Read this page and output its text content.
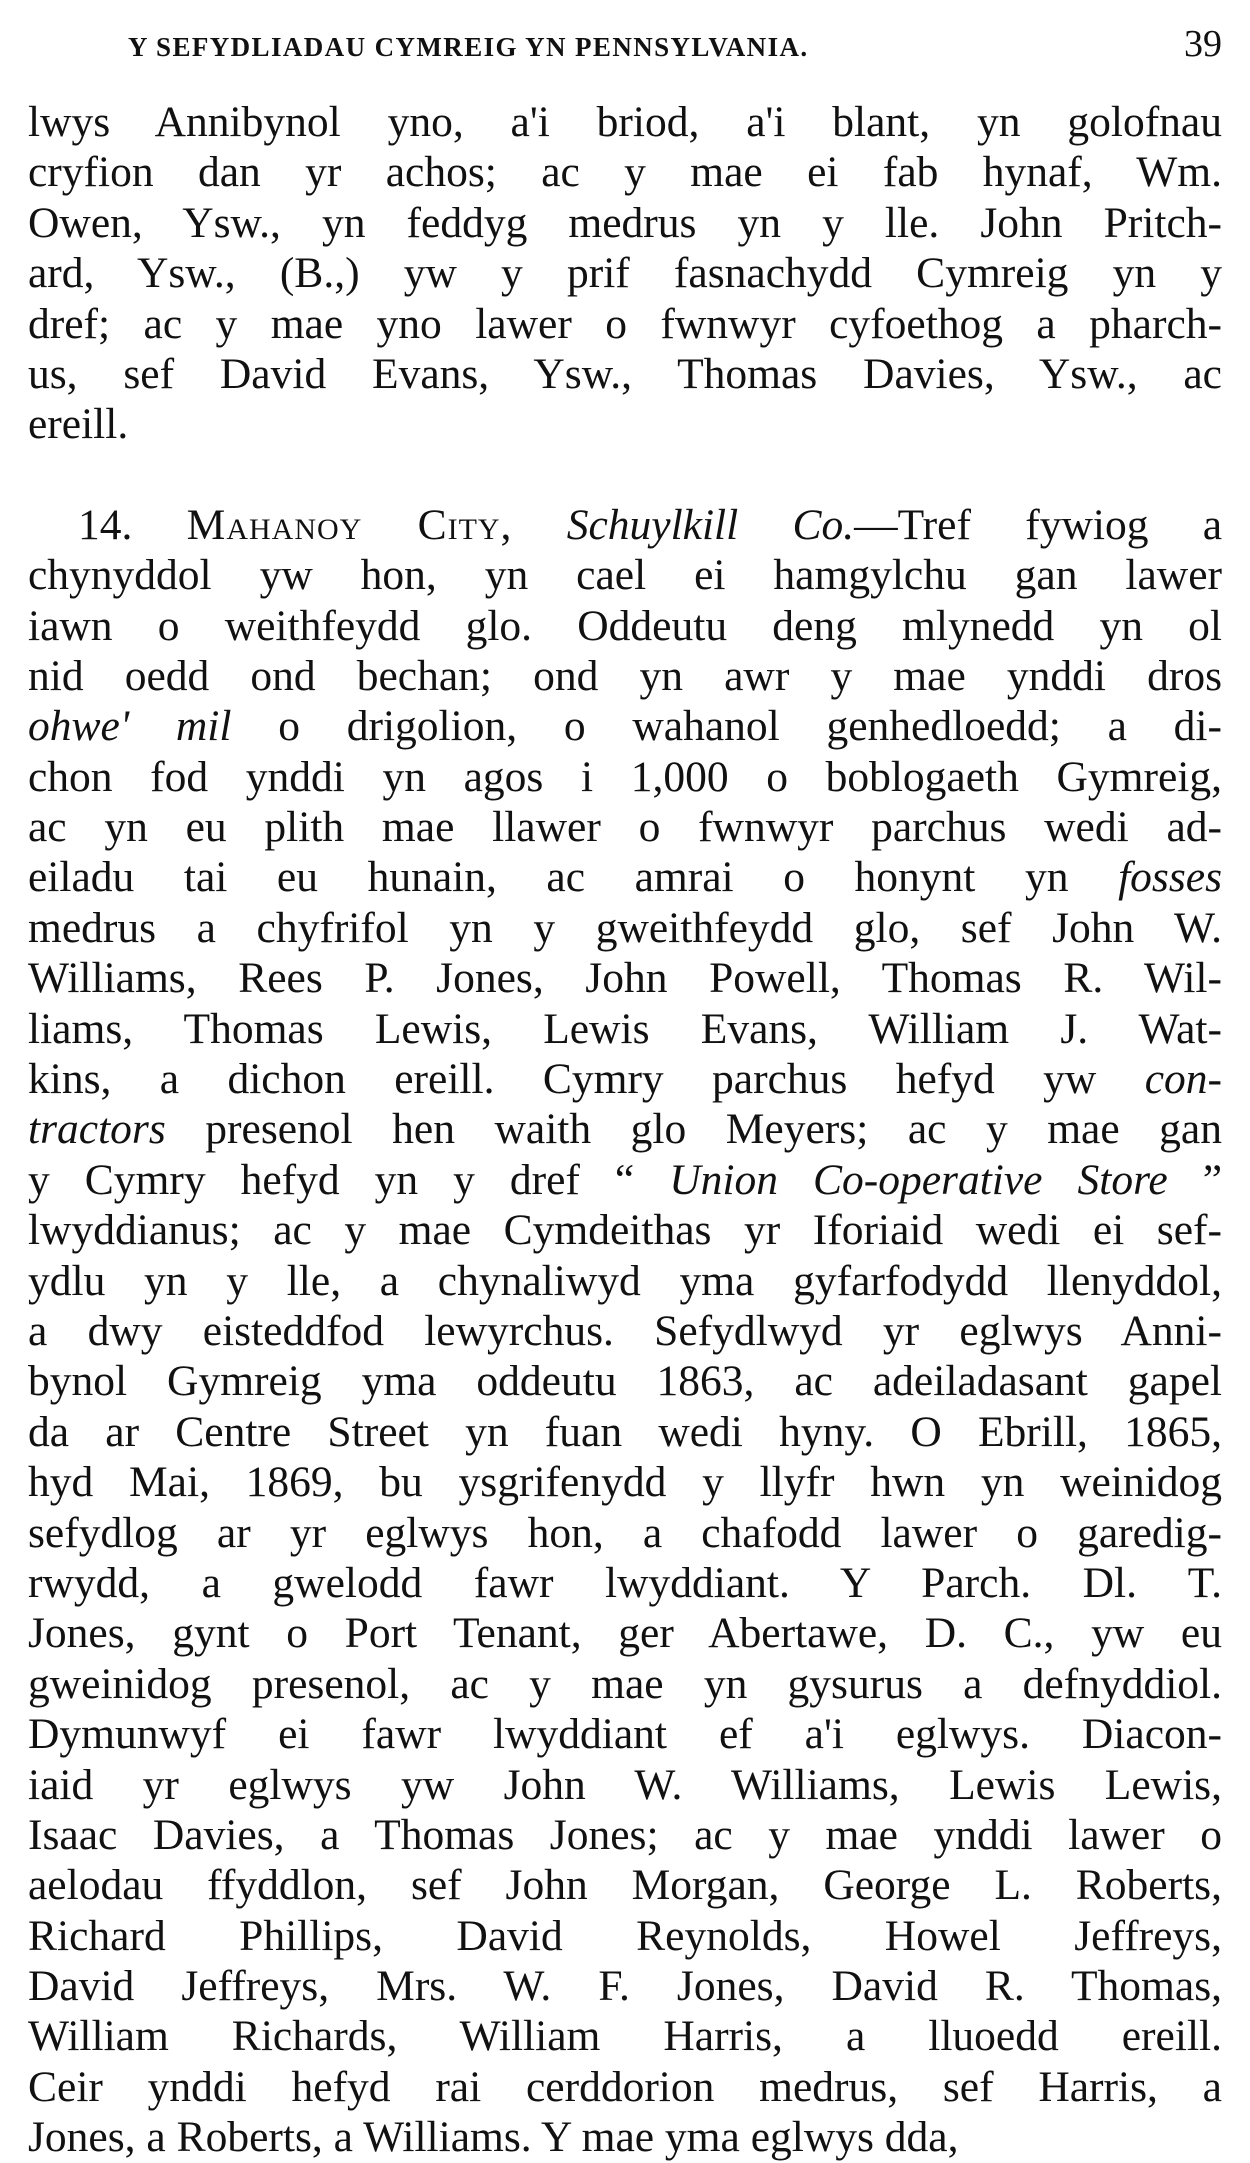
Y SEFYDLIADAU CYMREIG YN PENNSYLVANIA.	39
lwys Annibynol yno, a'i briod, a'i blant, yn golofnau
cryfion dan yr achos; ac y mae ei fab hynaf, Wm.
Owen, Ysw., yn feddyg medrus yn y lle. John Pritch-
ard, Ysw., (B.,) yw y prif fasnachydd Cymreig yn y
dref; ac y mae yno lawer o fwnwyr cyfoethog a pharch-
us, sef David Evans, Ysw., Thomas Davies, Ysw., ac
ereill.
14. Mahanoy City, Schuylkill Co.—Tref fywiog a
chynyddol yw hon, yn cael ei hamgylchu gan lawer
iawn o weithfeydd glo. Oddeutu deng mlynedd yn ol
nid oedd ond bechan; ond yn awr y mae ynddi dros
ohwe' mil o drigolion, o wahanol genhedloedd; a di-
chon fod ynddi yn agos i 1,000 o boblogaeth Gymreig,
ac yn eu plith mae llawer o fwnwyr parchus wedi ad-
eiladu tai eu hunain, ac amrai o honynt yn fosses
medrus a chyfrifol yn y gweithfeydd glo, sef John W.
Williams, Rees P. Jones, John Powell, Thomas R. Wil-
liams, Thomas Lewis, Lewis Evans, William J. Wat-
kins, a dichon ereill. Cymry parchus hefyd yw con-
tractors presenol hen waith glo Meyers; ac y mae gan
y Cymry hefyd yn y dref “ Union Co-operative Store ”
lwyddianus; ac y mae Cymdeithas yr Iforiaid wedi ei sef-
ydlu yn y lle, a chynaliwyd yma gyfarfodydd llenyddol,
a dwy eisteddfod lewyrchus. Sefydlwyd yr eglwys Anni-
bynol Gymreig yma oddeutu 1863, ac adeiladasant gapel
da ar Centre Street yn fuan wedi hyny. O Ebrill, 1865,
hyd Mai, 1869, bu ysgrifenydd y llyfr hwn yn weinidog
sefydlog ar yr eglwys hon, a chafodd lawer o garedig-
rwydd, a gwelodd fawr lwyddiant. Y Parch. Dl. T.
Jones, gynt o Port Tenant, ger Abertawe, D. C., yw eu
gweinidog presenol, ac y mae yn gysurus a defnyddiol.
Dymunwyf ei fawr lwyddiant ef a'i eglwys. Diacon-
iaid yr eglwys yw John W. Williams, Lewis Lewis,
Isaac Davies, a Thomas Jones; ac y mae ynddi lawer o
aelodau ffyddlon, sef John Morgan, George L. Roberts,
Richard Phillips, David Reynolds, Howel Jeffreys,
David Jeffreys, Mrs. W. F. Jones, David R. Thomas,
William Richards, William Harris, a lluoedd ereill.
Ceir ynddi hefyd rai cerddorion medrus, sef Harris, a
Jones, a Roberts, a Williams. Y mae yma eglwys dda,
